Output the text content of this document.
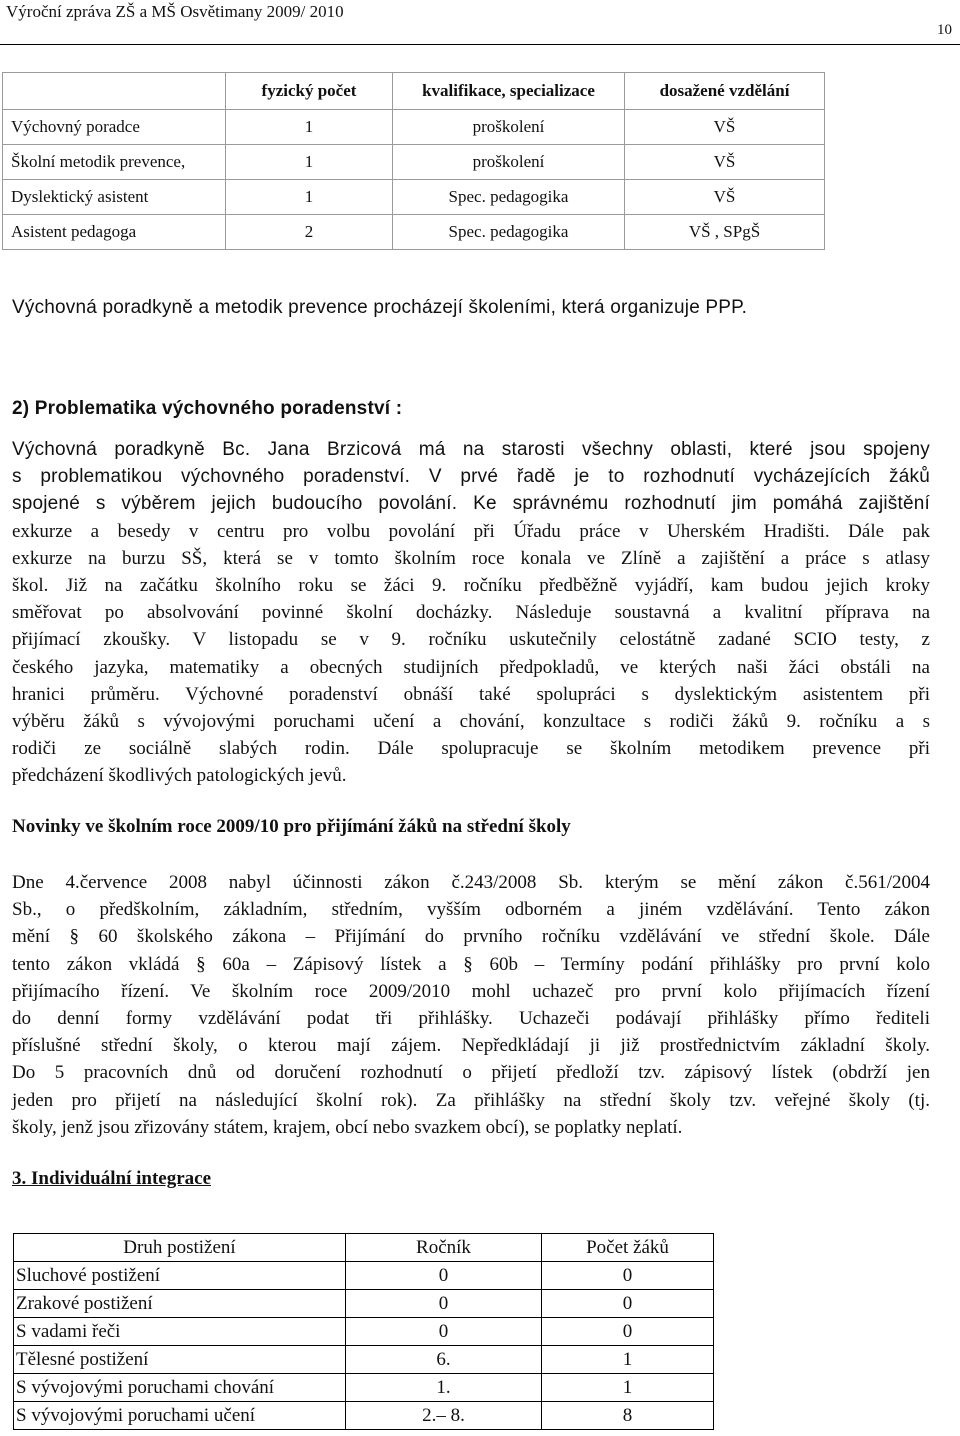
Výroční zpráva ZŠ a MŠ Osvětimany 2009/ 2010
10
	fyzický počet	kvalifikace, specializace	dosažené vzdělání
Výchovný poradce	1	proškolení	VŠ
Školní metodik prevence,	1	proškolení	VŠ
Dyslektický asistent	1	Spec. pedagogika	VŠ
Asistent pedagoga	2	Spec. pedagogika	VŠ , SPgŠ
Výchovná poradkyně a metodik prevence procházejí školeními, která organizuje PPP.
2) Problematika výchovného poradenství :
Výchovná poradkyně Bc. Jana Brzicová má na starosti všechny oblasti, které jsou spojeny
s problematikou výchovného poradenství. V prvé řadě je to rozhodnutí vycházejících žáků
spojené s výběrem jejich budoucího povolání. Ke správnému rozhodnutí jim pomáhá zajištění
exkurze a besedy v centru pro volbu povolání při Úřadu práce v Uherském Hradišti. Dále pak
exkurze na burzu SŠ, která se v tomto školním roce konala ve Zlíně a zajištění a práce s atlasy
škol. Již na začátku školního roku se žáci 9. ročníku předběžně vyjádří, kam budou jejich kroky
směřovat po absolvování povinné školní docházky. Následuje soustavná a kvalitní příprava na
přijímací zkoušky. V listopadu se v 9. ročníku uskutečnily celostátně zadané SCIO testy, z
českého jazyka, matematiky a obecných studijních předpokladů, ve kterých naši žáci obstáli na
hranici průměru. Výchovné poradenství obnáší také spolupráci s dyslektickým asistentem při
výběru žáků s vývojovými poruchami učení a chování, konzultace s rodiči žáků 9. ročníku a s
rodiči ze sociálně slabých rodin. Dále spolupracuje se školním metodikem prevence při
předcházení škodlivých patologických jevů.
Novinky ve školním roce 2009/10 pro přijímání žáků na střední školy
Dne 4.července 2008 nabyl účinnosti zákon č.243/2008 Sb. kterým se mění zákon č.561/2004
Sb., o předškolním, základním, středním, vyšším odborném a jiném vzdělávání. Tento zákon
mění § 60 školského zákona – Přijímání do prvního ročníku vzdělávání ve střední škole. Dále
tento zákon vkládá § 60a – Zápisový lístek a § 60b – Termíny podání přihlášky pro první kolo
přijímacího řízení. Ve školním roce 2009/2010 mohl uchazeč pro první kolo přijímacích řízení
do denní formy vzdělávání podat tři přihlášky. Uchazeči podávají přihlášky přímo řediteli
příslušné střední školy, o kterou mají zájem. Nepředkládají ji již prostřednictvím základní školy.
Do 5 pracovních dnů od doručení rozhodnutí o přijetí předloží tzv. zápisový lístek (obdrží jen
jeden pro přijetí na následující školní rok). Za přihlášky na střední školy tzv. veřejné školy (tj.
školy, jenž jsou zřizovány státem, krajem, obcí nebo svazkem obcí), se poplatky neplatí.
3. Individuální integrace
Druh postižení	Ročník	Počet žáků
Sluchové postižení	0	0
Zrakové postižení	0	0
S vadami řeči	0	0
Tělesné postižení	6.	1
S vývojovými poruchami chování	1.	1
S vývojovými poruchami učení	2.– 8.	8
